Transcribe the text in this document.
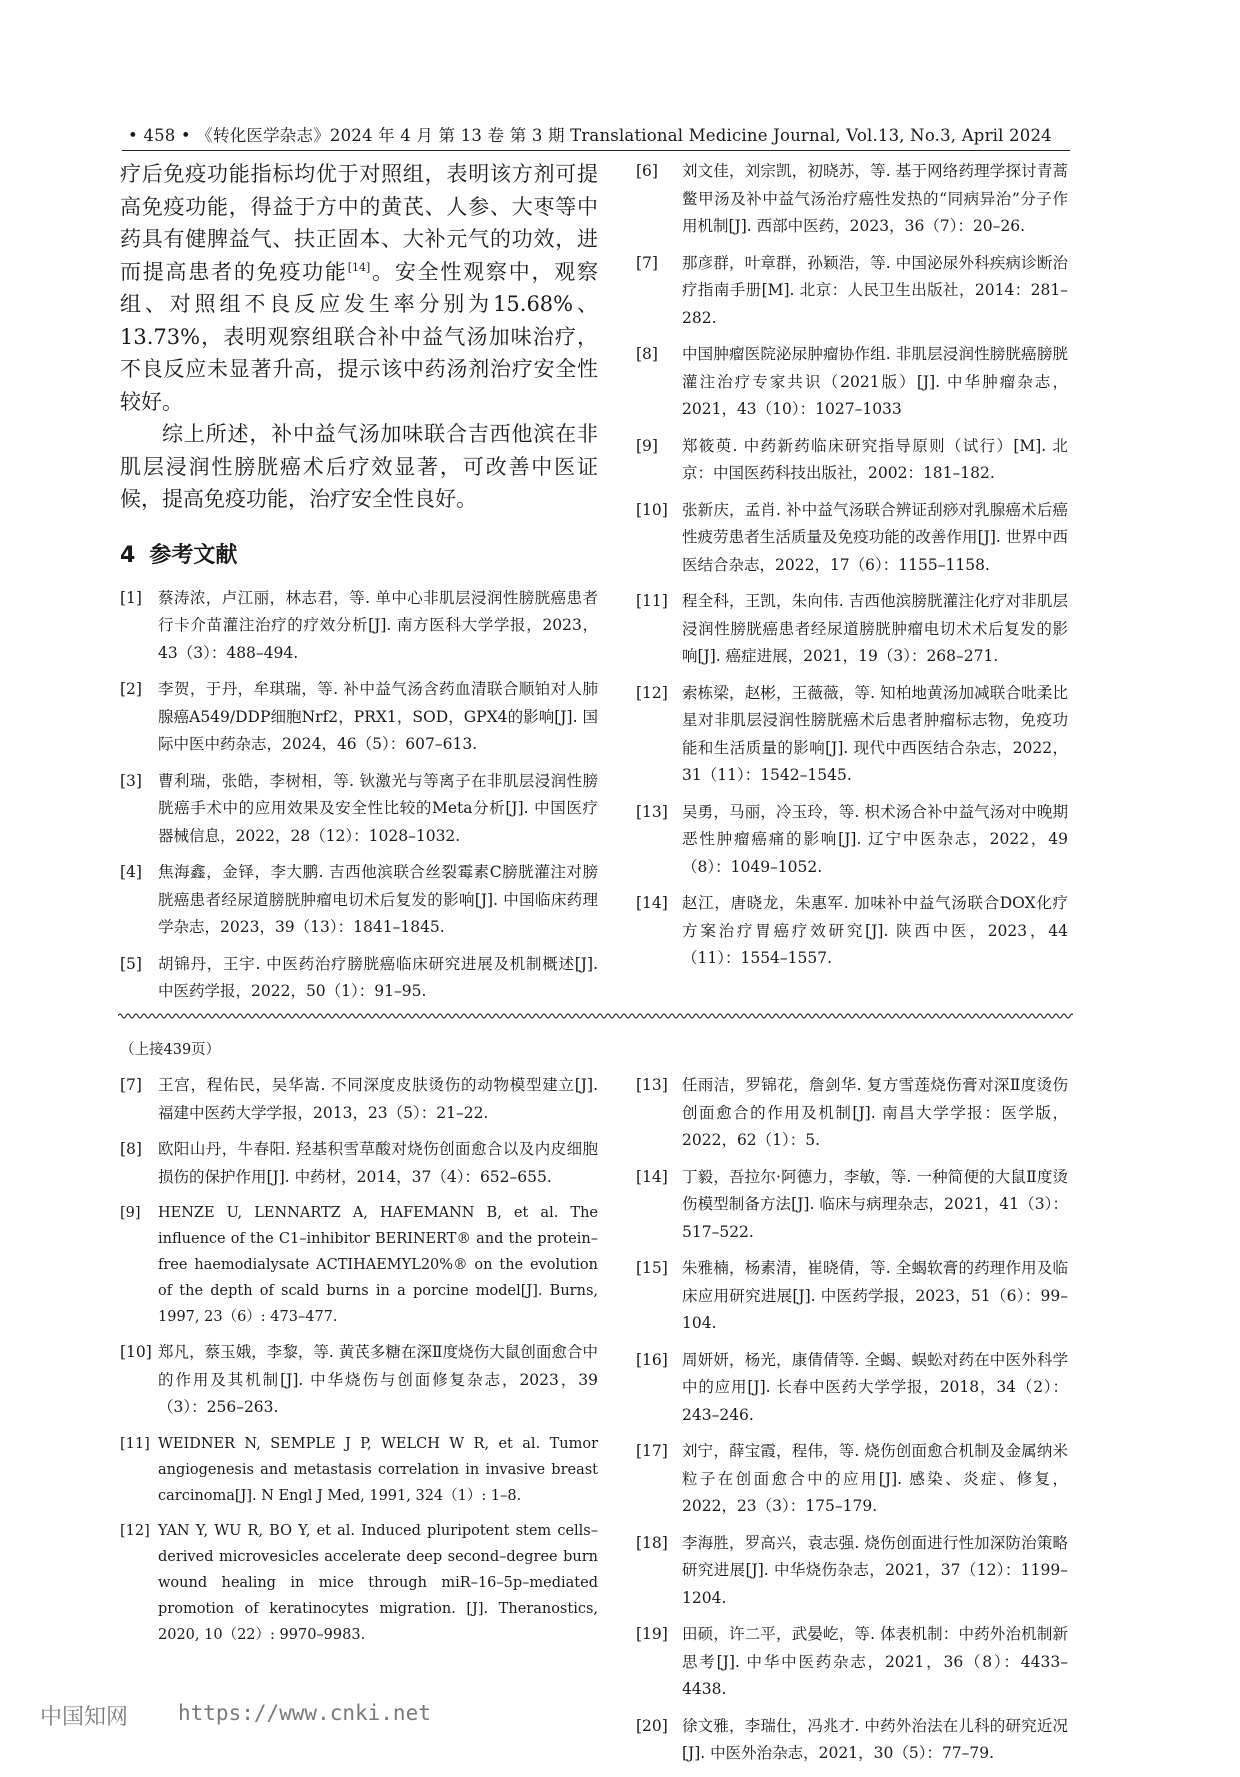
• 458 • 《转化医学杂志》2024 年 4 月 第 13 卷 第 3 期 Translational Medicine Journal, Vol.13, No.3, April 2024

疗后免疫功能指标均优于对照组，表明该方剂可提高免疫功能，得益于方中的黄芪、人参、大枣等中药具有健脾益气、扶正固本、大补元气的功效，进而提高患者的免疫功能[14]。安全性观察中，观察组、对照组不良反应发生率分别为15.68%、13.73%，表明观察组联合补中益气汤加味治疗，不良反应未显著升高，提示该中药汤剂治疗安全性较好。

综上所述，补中益气汤加味联合吉西他滨在非肌层浸润性膀胱癌术后疗效显著，可改善中医证候，提高免疫功能，治疗安全性良好。

4 参考文献
[1] 蔡涛浓，卢江丽，林志君，等. 单中心非肌层浸润性膀胱癌患者行卡介苗灌注治疗的疗效分析[J]. 南方医科大学学报，2023，43（3）：488–494.
[2] 李贺，于丹，牟琪瑞，等. 补中益气汤含药血清联合顺铂对人肺腺癌A549/DDP细胞Nrf2，PRX1，SOD，GPX4的影响[J]. 国际中医中药杂志，2024，46（5）：607–613.
[3] 曹利瑞，张皓，李树相，等. 钬激光与等离子在非肌层浸润性膀胱癌手术中的应用效果及安全性比较的Meta分析[J]. 中国医疗器械信息，2022，28（12）：1028–1032.
[4] 焦海鑫，金铎，李大鹏. 吉西他滨联合丝裂霉素C膀胱灌注对膀胱癌患者经尿道膀胱肿瘤电切术后复发的影响[J]. 中国临床药理学杂志，2023，39（13）：1841–1845.
[5] 胡锦丹，王宇. 中医药治疗膀胱癌临床研究进展及机制概述[J]. 中医药学报，2022，50（1）：91–95.
[6] 刘文佳，刘宗凯，初晓苏，等. 基于网络药理学探讨青蒿鳖甲汤及补中益气汤治疗癌性发热的“同病异治”分子作用机制[J]. 西部中医药，2023，36（7）：20–26.
[7] 那彦群，叶章群，孙颖浩，等. 中国泌尿外科疾病诊断治疗指南手册[M]. 北京：人民卫生出版社，2014：281–282.
[8] 中国肿瘤医院泌尿肿瘤协作组. 非肌层浸润性膀胱癌膀胱灌注治疗专家共识（2021版）[J]. 中华肿瘤杂志，2021，43（10）：1027–1033
[9] 郑筱萸. 中药新药临床研究指导原则（试行）[M]. 北京：中国医药科技出版社，2002：181–182.
[10] 张新庆，孟肖. 补中益气汤联合辨证刮痧对乳腺癌术后癌性疲劳患者生活质量及免疫功能的改善作用[J]. 世界中西医结合杂志，2022，17（6）：1155–1158.
[11] 程全科，王凯，朱向伟. 吉西他滨膀胱灌注化疗对非肌层浸润性膀胱癌患者经尿道膀胱肿瘤电切术术后复发的影响[J]. 癌症进展，2021，19（3）：268–271.
[12] 索栋梁，赵彬，王薇薇，等. 知柏地黄汤加减联合吡柔比星对非肌层浸润性膀胱癌术后患者肿瘤标志物，免疫功能和生活质量的影响[J]. 现代中西医结合杂志，2022，31（11）：1542–1545.
[13] 吴勇，马丽，冷玉玲，等. 枳术汤合补中益气汤对中晚期恶性肿瘤癌痛的影响[J]. 辽宁中医杂志，2022，49（8）：1049–1052.
[14] 赵江，唐晓龙，朱惠军. 加味补中益气汤联合DOX化疗方案治疗胃癌疗效研究[J]. 陕西中医，2023，44（11）：1554–1557.
（上接439页）
[7] 王宫，程佑民，吴华嵩. 不同深度皮肤烫伤的动物模型建立[J]. 福建中医药大学学报，2013，23（5）：21–22.
[8] 欧阳山丹，牛春阳. 羟基积雪草酸对烧伤创面愈合以及内皮细胞损伤的保护作用[J]. 中药材，2014，37（4）：652–655.
[9] HENZE U, LENNARTZ A, HAFEMANN B, et al. The influence of the C1–inhibitor BERINERT® and the protein–free haemodialysate ACTIHAEMYL20%® on the evolution of the depth of scald burns in a porcine model[J]. Burns, 1997, 23（6）: 473–477.
[10] 郑凡，蔡玉娥，李黎，等. 黄芪多糖在深Ⅱ度烧伤大鼠创面愈合中的作用及其机制[J]. 中华烧伤与创面修复杂志，2023，39（3）：256–263.
[11] WEIDNER N, SEMPLE J P, WELCH W R, et al. Tumor angiogenesis and metastasis correlation in invasive breast carcinoma[J]. N Engl J Med, 1991, 324（1）: 1–8.
[12] YAN Y, WU R, BO Y, et al. Induced pluripotent stem cells–derived microvesicles accelerate deep second–degree burn wound healing in mice through miR–16–5p–mediated promotion of keratinocytes migration. [J]. Theranostics, 2020, 10（22）: 9970–9983.
[13] 任雨洁，罗锦花，詹剑华. 复方雪莲烧伤膏对深Ⅱ度烫伤创面愈合的作用及机制[J]. 南昌大学学报：医学版，2022，62（1）：5.
[14] 丁毅，吾拉尔·阿德力，李敏，等. 一种简便的大鼠Ⅱ度烫伤模型制备方法[J]. 临床与病理杂志，2021，41（3）：517–522.
[15] 朱雅楠，杨素清，崔晓倩，等. 全蝎软膏的药理作用及临床应用研究进展[J]. 中医药学报，2023，51（6）：99–104.
[16] 周妍妍，杨光，康倩倩等. 全蝎、蜈蚣对药在中医外科学中的应用[J]. 长春中医药大学学报，2018，34（2）：243–246.
[17] 刘宁，薛宝霞，程伟，等. 烧伤创面愈合机制及金属纳米粒子在创面愈合中的应用[J]. 感染、炎症、修复，2022，23（3）：175–179.
[18] 李海胜，罗高兴，袁志强. 烧伤创面进行性加深防治策略研究进展[J]. 中华烧伤杂志，2021，37（12）：1199–1204.
[19] 田硕，许二平，武晏屹，等. 体表机制：中药外治机制新思考[J]. 中华中医药杂志，2021，36（8）：4433–4438.
[20] 徐文雅，李瑞仕，冯兆才. 中药外治法在儿科的研究近况[J]. 中医外治杂志，2021，30（5）：77–79.
中国知网 https://www.cnki.net
